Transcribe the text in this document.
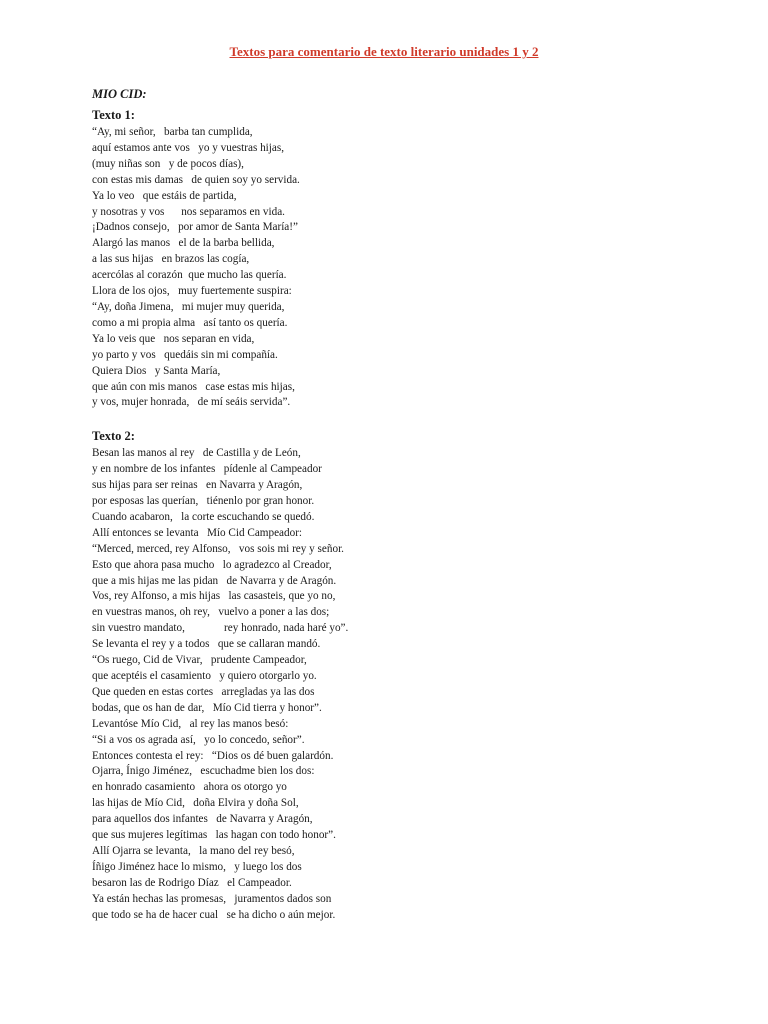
Textos para comentario de texto literario unidades 1 y 2

MIO CID:

Texto 1:

“Ay, mi señor,   barba tan cumplida,
aquí estamos ante vos   yo y vuestras hijas,
(muy niñas son   y de pocos días),
con estas mis damas   de quien soy yo servida.
Ya lo veo   que estáis de partida,
y nosotras y vos      nos separamos en vida.
¡Dadnos consejo,   por amor de Santa María!”
Alargó las manos   el de la barba bellida,
a las sus hijas   en brazos las cogía,
acercólas al corazón  que mucho las quería.
Llora de los ojos,   muy fuertemente suspira:
“Ay, doña Jimena,   mi mujer muy querida,
como a mi propia alma   así tanto os quería.
Ya lo veis que   nos separan en vida,
yo parto y vos   quedáis sin mi compañía.
Quiera Dios   y Santa María,
que aún con mis manos   case estas mis hijas,
y vos, mujer honrada,   de mí seáis servida”.

Texto 2:

Besan las manos al rey   de Castilla y de León,
y en nombre de los infantes   pídenle al Campeador
sus hijas para ser reinas   en Navarra y Aragón,
por esposas las querían,   tiénenlo por gran honor.
Cuando acabaron,   la corte escuchando se quedó.
Allí entonces se levanta   Mío Cid Campeador:
“Merced, merced, rey Alfonso,   vos sois mi rey y señor.
Esto que ahora pasa mucho   lo agradezco al Creador,
que a mis hijas me las pidan   de Navarra y de Aragón.
Vos, rey Alfonso, a mis hijas   las casasteis, que yo no,
en vuestras manos, oh rey,   vuelvo a poner a las dos;
sin vuestro mandato,              rey honrado, nada haré yo”.
Se levanta el rey y a todos   que se callaran mandó.
“Os ruego, Cid de Vivar,   prudente Campeador,
que aceptéis el casamiento   y quiero otorgarlo yo.
Que queden en estas cortes   arregladas ya las dos
bodas, que os han de dar,   Mío Cid tierra y honor”.
Levantóse Mío Cid,   al rey las manos besó:
“Si a vos os agrada así,   yo lo concedo, señor”.
Entonces contesta el rey:   “Dios os dé buen galardón.
Ojarra, Ínigo Jiménez,   escuchadme bien los dos:
en honrado casamiento   ahora os otorgo yo
las hijas de Mío Cid,   doña Elvira y doña Sol,
para aquellos dos infantes   de Navarra y Aragón,
que sus mujeres legítimas   las hagan con todo honor”.
Allí Ojarra se levanta,   la mano del rey besó,
Íñigo Jiménez hace lo mismo,   y luego los dos
besaron las de Rodrigo Díaz   el Campeador.
Ya están hechas las promesas,   juramentos dados son
que todo se ha de hacer cual   se ha dicho o aún mejor.
